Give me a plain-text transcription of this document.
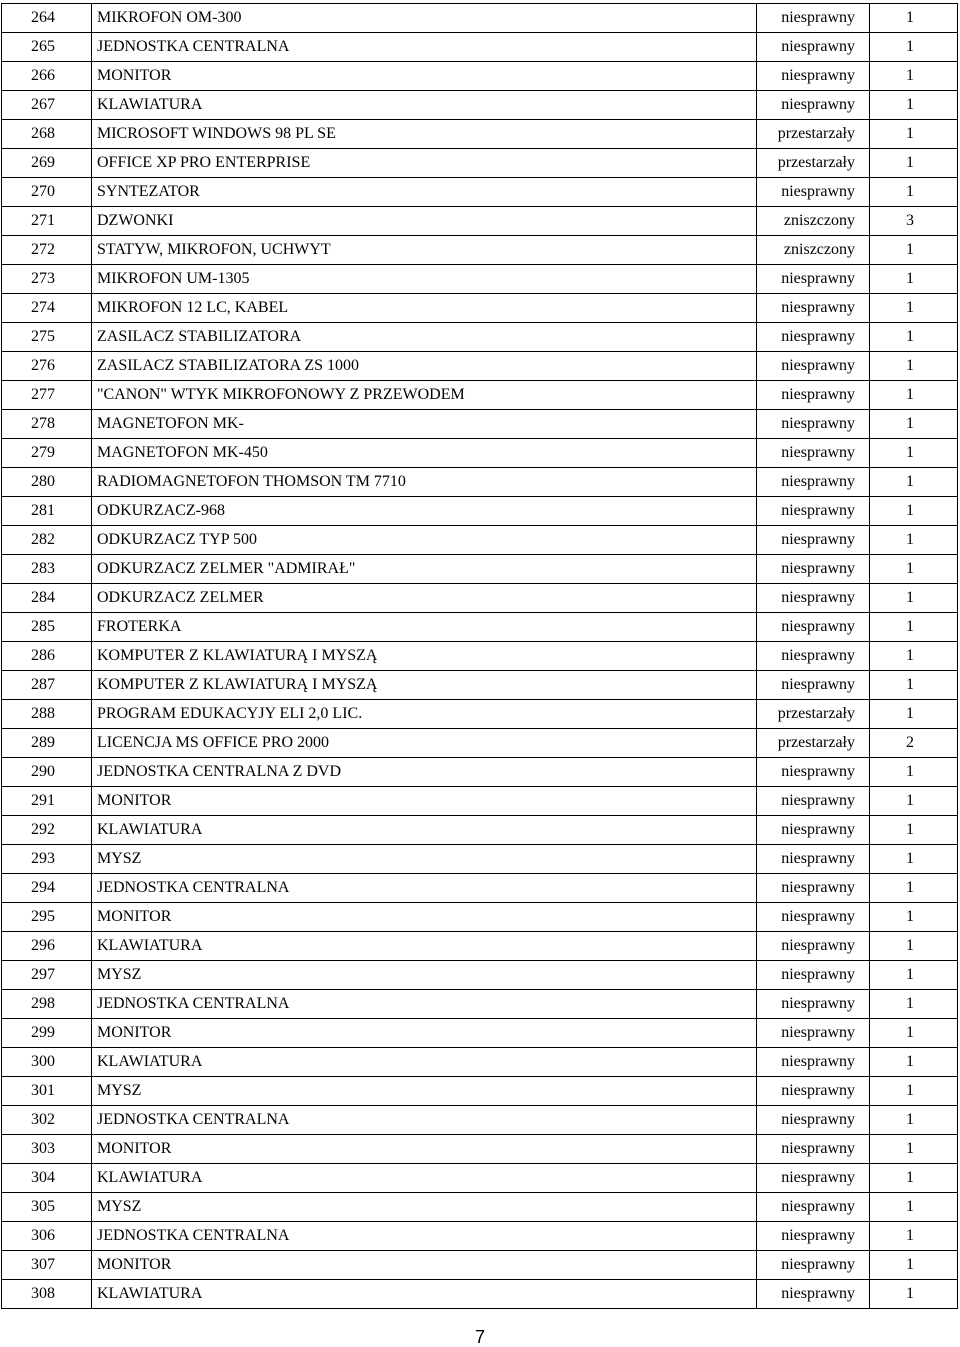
264	MIKROFON OM-300	niesprawny	1
265	JEDNOSTKA CENTRALNA	niesprawny	1
266	MONITOR	niesprawny	1
267	KLAWIATURA	niesprawny	1
268	MICROSOFT WINDOWS 98 PL SE	przestarzały	1
269	OFFICE XP PRO ENTERPRISE	przestarzały	1
270	SYNTEZATOR	niesprawny	1
271	DZWONKI	zniszczony	3
272	STATYW, MIKROFON, UCHWYT	zniszczony	1
273	MIKROFON UM-1305	niesprawny	1
274	MIKROFON 12 LC, KABEL	niesprawny	1
275	ZASILACZ STABILIZATORA	niesprawny	1
276	ZASILACZ STABILIZATORA ZS 1000	niesprawny	1
277	"CANON" WTYK MIKROFONOWY Z PRZEWODEM	niesprawny	1
278	MAGNETOFON MK-	niesprawny	1
279	MAGNETOFON MK-450	niesprawny	1
280	RADIOMAGNETOFON THOMSON TM 7710	niesprawny	1
281	ODKURZACZ-968	niesprawny	1
282	ODKURZACZ TYP 500	niesprawny	1
283	ODKURZACZ ZELMER "ADMIRAŁ"	niesprawny	1
284	ODKURZACZ ZELMER	niesprawny	1
285	FROTERKA	niesprawny	1
286	KOMPUTER Z KLAWIATURĄ I MYSZĄ	niesprawny	1
287	KOMPUTER Z KLAWIATURĄ I MYSZĄ	niesprawny	1
288	PROGRAM EDUKACYJY ELI 2,0 LIC.	przestarzały	1
289	LICENCJA MS OFFICE PRO 2000	przestarzały	2
290	JEDNOSTKA CENTRALNA Z DVD	niesprawny	1
291	MONITOR	niesprawny	1
292	KLAWIATURA	niesprawny	1
293	MYSZ	niesprawny	1
294	JEDNOSTKA CENTRALNA	niesprawny	1
295	MONITOR	niesprawny	1
296	KLAWIATURA	niesprawny	1
297	MYSZ	niesprawny	1
298	JEDNOSTKA CENTRALNA	niesprawny	1
299	MONITOR	niesprawny	1
300	KLAWIATURA	niesprawny	1
301	MYSZ	niesprawny	1
302	JEDNOSTKA CENTRALNA	niesprawny	1
303	MONITOR	niesprawny	1
304	KLAWIATURA	niesprawny	1
305	MYSZ	niesprawny	1
306	JEDNOSTKA CENTRALNA	niesprawny	1
307	MONITOR	niesprawny	1
308	KLAWIATURA	niesprawny	1
7
